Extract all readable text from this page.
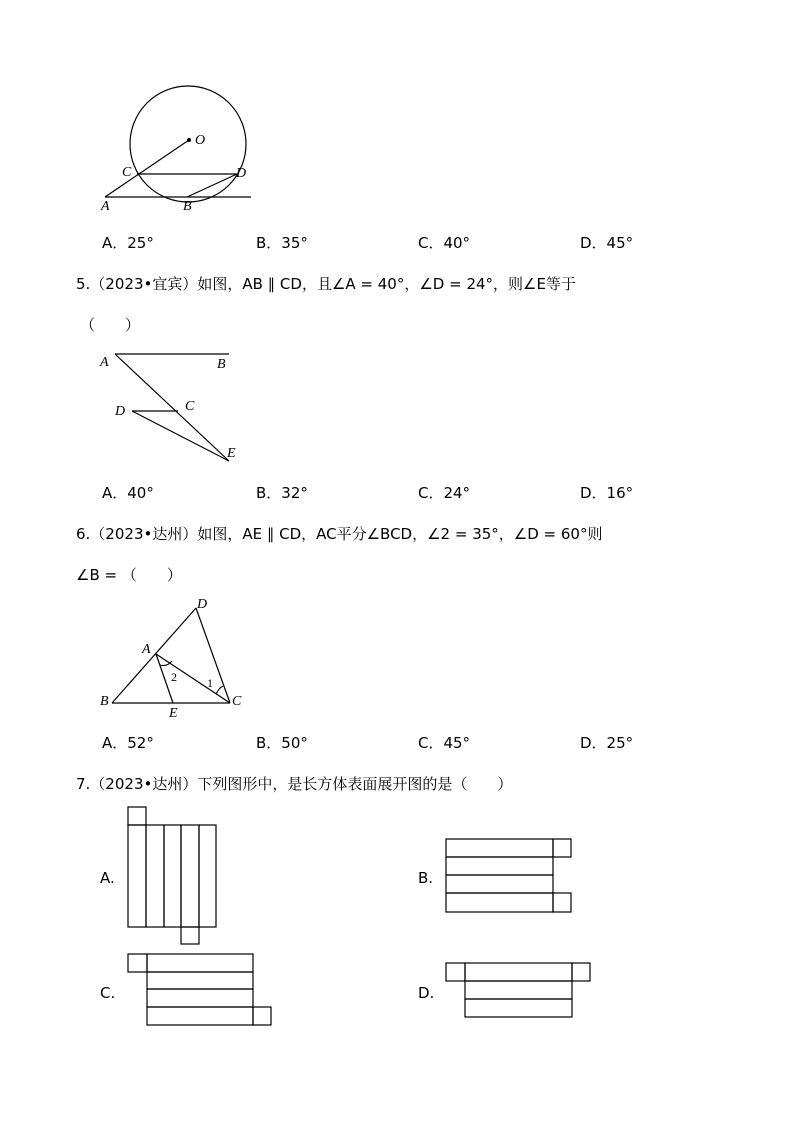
O
C	D
A	B
A．25°	B．35°	C．40°	D．45°
5.（2023•宜宾）如图，AB ∥ CD，且∠A = 40°，∠D = 24°，则∠E等于
（　　）
A	B
C
D
E
A．40°	B．32°	C．24°	D．16°
6.（2023•达州）如图，AE ∥ CD，AC平分∠BCD，∠2 = 35°，∠D = 60°则
∠B = （　　）
D
A
B
E
C
2	1
A．52°	B．50°	C．45°	D．25°
7.（2023•达州）下列图形中，是长方体表面展开图的是（　　）
A.	B.
C.	D.
